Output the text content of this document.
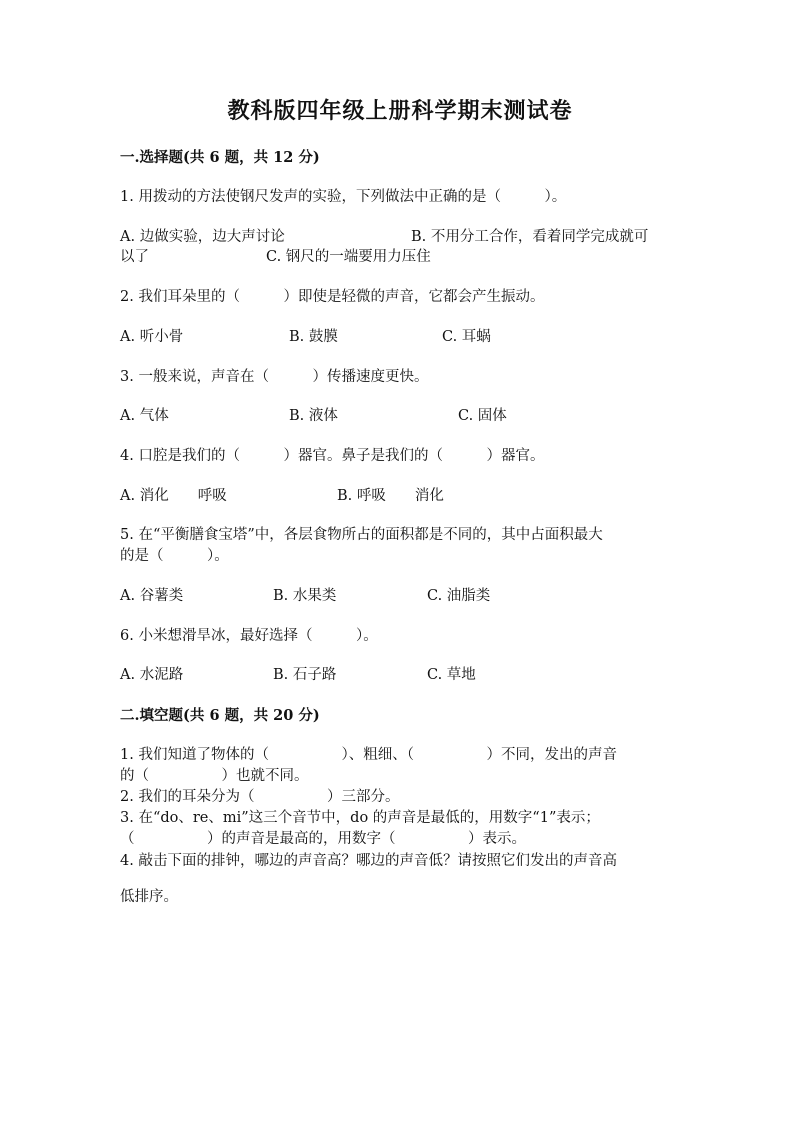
教科版四年级上册科学期末测试卷
一.选择题(共 6 题，共 12 分)
1. 用拨动的方法使钢尺发声的实验，下列做法中正确的是（　　　）。
A. 边做实验，边大声讨论	B. 不用分工合作，看着同学完成就可
以了	C. 钢尺的一端要用力压住
2. 我们耳朵里的（　　　）即使是轻微的声音，它都会产生振动。
A. 听小骨	B. 鼓膜	C. 耳蜗
3. 一般来说，声音在（　　　）传播速度更快。
A. 气体	B. 液体	C. 固体
4. 口腔是我们的（　　　）器官。鼻子是我们的（　　　）器官。
A. 消化　　呼吸	B. 呼吸　　消化
5. 在“平衡膳食宝塔”中，各层食物所占的面积都是不同的，其中占面积最大
的是（　　　）。
A. 谷薯类	B. 水果类	C. 油脂类
6. 小米想滑旱冰，最好选择（　　　）。
A. 水泥路	B. 石子路	C. 草地
二.填空题(共 6 题，共 20 分)
1. 我们知道了物体的（　　　　　）、粗细、（　　　　　）不同，发出的声音
的（　　　　　）也就不同。
2. 我们的耳朵分为（　　　　　）三部分。
3. 在“do、re、mi”这三个音节中，do 的声音是最低的，用数字“1”表示；
（　　　　　）的声音是最高的，用数字（　　　　　）表示。
4. 敲击下面的排钟，哪边的声音高？哪边的声音低？请按照它们发出的声音高
低排序。
